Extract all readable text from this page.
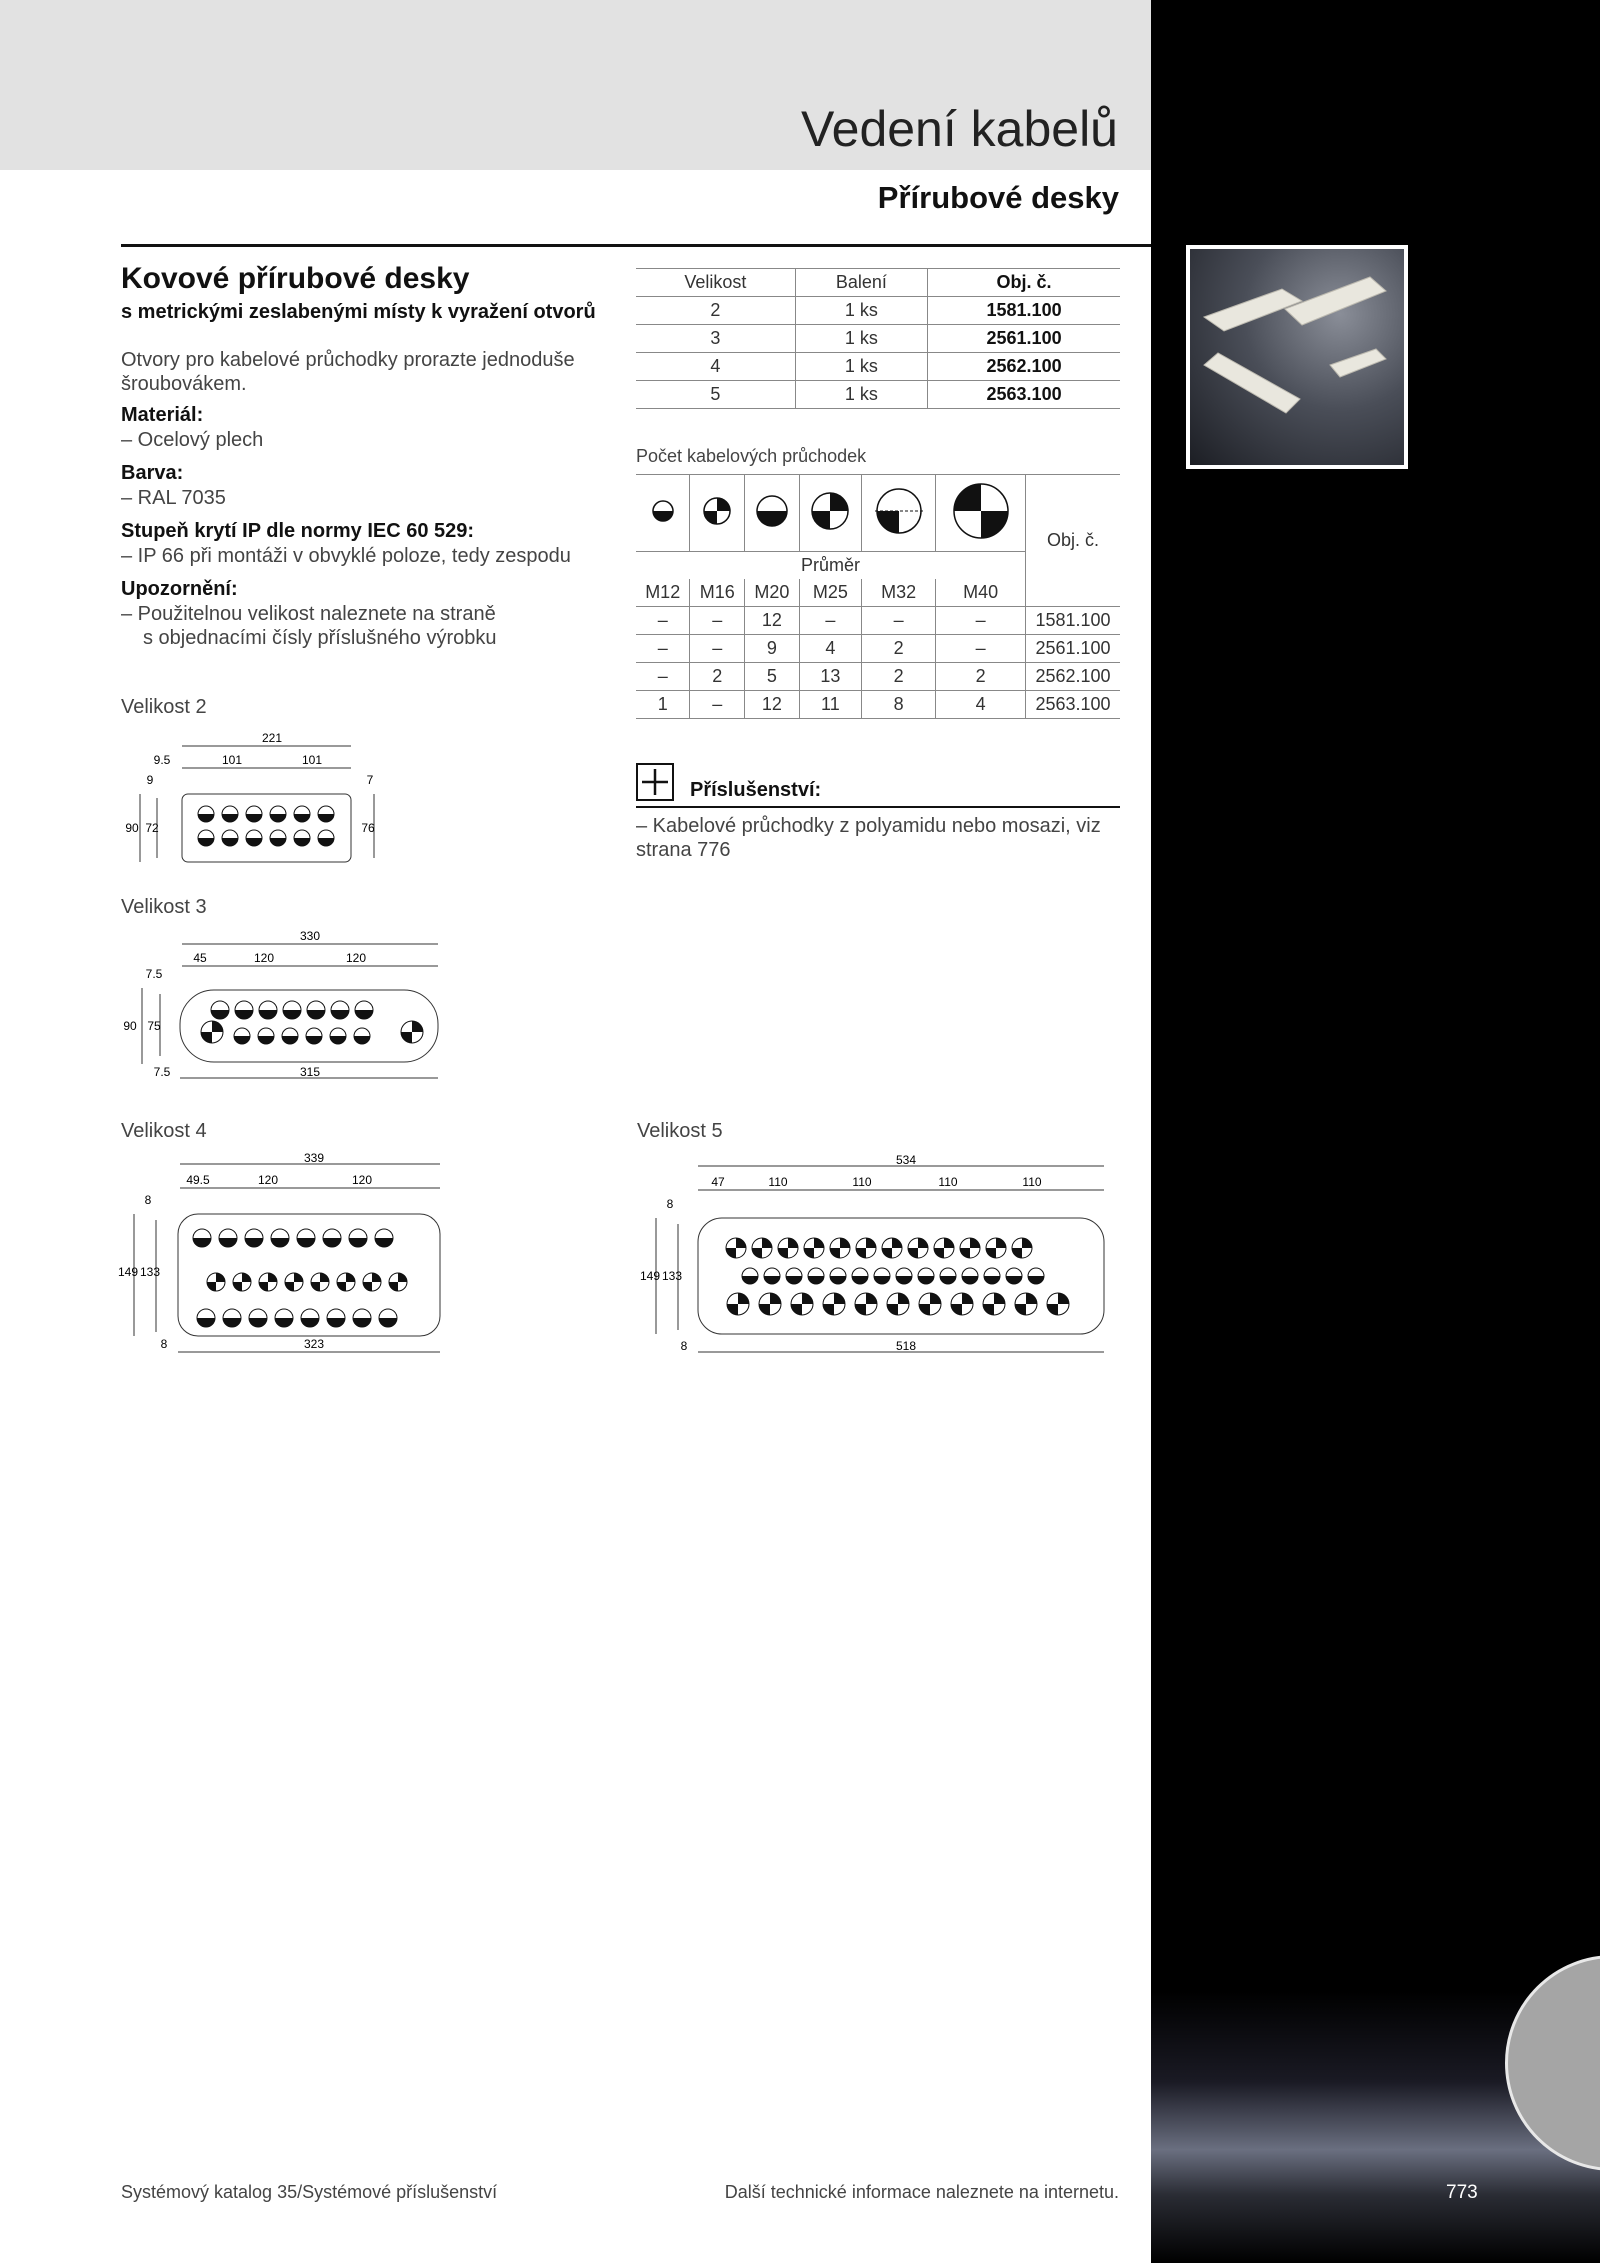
Vedení kabelů
Přírubové desky
Kovové přírubové desky
s metrickými zeslabenými místy k vyražení otvorů
Otvory pro kabelové průchodky prorazte jednoduše šroubovákem.
Materiál:
– Ocelový plech
Barva:
– RAL 7035
Stupeň krytí IP dle normy IEC 60 529:
– IP 66 při montáži v obvyklé poloze, tedy zespodu
Upozornění:
– Použitelnou velikost naleznete na straně
s objednacími čísly příslušného výrobku
Velikost	Balení	Obj. č.
2	1 ks	1581.100
3	1 ks	2561.100
4	1 ks	2562.100
5	1 ks	2563.100
Počet kabelových průchodek
						Obj. č.
Průměr						
M12	M16	M20	M25	M32	M40	
–	–	12	–	–	–	1581.100
–	–	9	4	2	–	2561.100
–	2	5	13	2	2	2562.100
1	–	12	11	8	4	2563.100
Příslušenství:
– Kabelové průchodky z polyamidu nebo mosazi, viz strana 776
Velikost 2
Velikost 3
Velikost 4	Velikost 5
221
9.5	101	101
9	7
90 72	76
330
45	120	120
7.5
90 75
7.5	315
339
49.5	120	120
8
149 133
8	323
534
47	110	110	110	110
8
149 133
8	518
Systémový katalog 35/Systémové příslušenství	Další technické informace naleznete na internetu.	773
